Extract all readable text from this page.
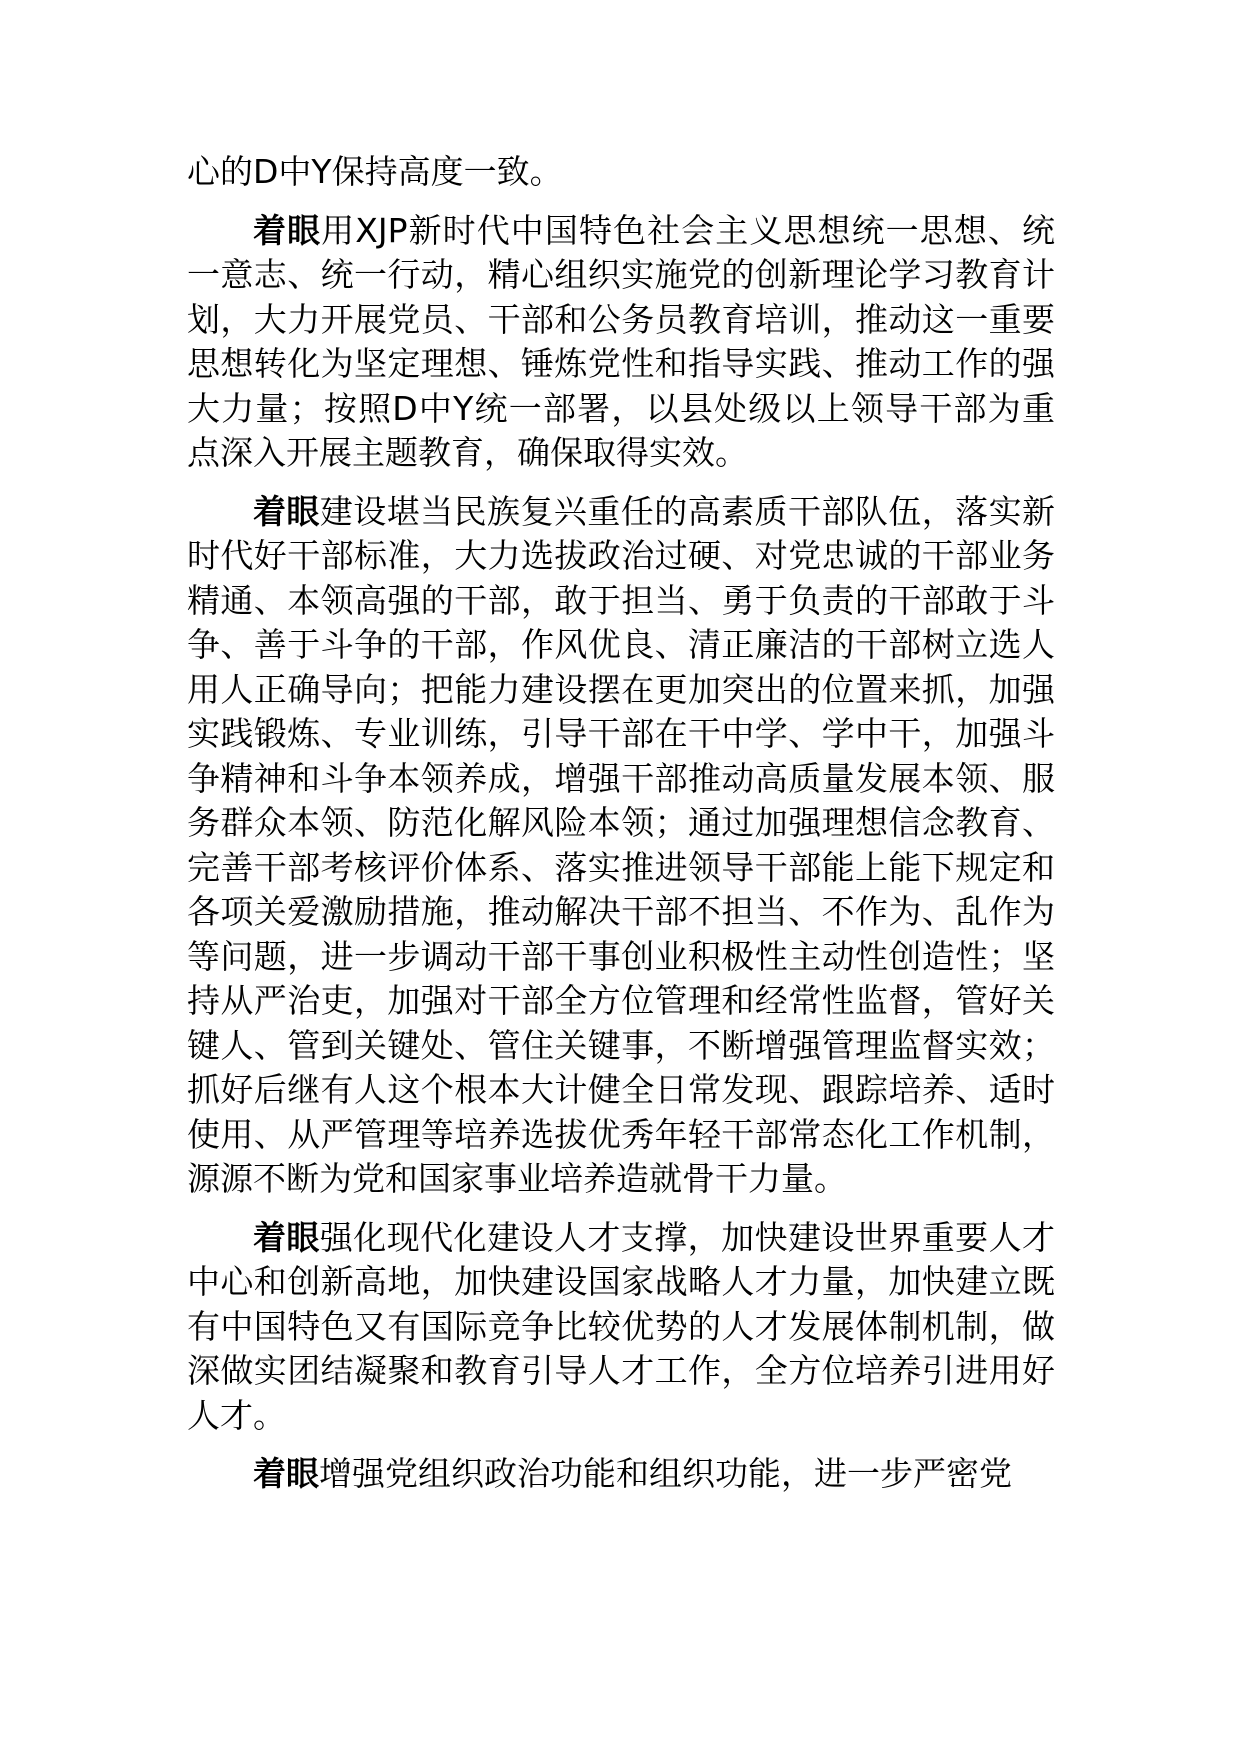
心的D中Y保持高度一致。

着眼用XJP新时代中国特色社会主义思想统一思想、统一意志、统一行动，精心组织实施党的创新理论学习教育计划，大力开展党员、干部和公务员教育培训，推动这一重要思想转化为坚定理想、锤炼党性和指导实践、推动工作的强大力量；按照D中Y统一部署，以县处级以上领导干部为重点深入开展主题教育，确保取得实效。

着眼建设堪当民族复兴重任的高素质干部队伍，落实新时代好干部标准，大力选拔政治过硬、对党忠诚的干部业务精通、本领高强的干部，敢于担当、勇于负责的干部敢于斗争、善于斗争的干部，作风优良、清正廉洁的干部树立选人用人正确导向；把能力建设摆在更加突出的位置来抓，加强实践锻炼、专业训练，引导干部在干中学、学中干，加强斗争精神和斗争本领养成，增强干部推动高质量发展本领、服务群众本领、防范化解风险本领；通过加强理想信念教育、完善干部考核评价体系、落实推进领导干部能上能下规定和各项关爱激励措施，推动解决干部不担当、不作为、乱作为等问题，进一步调动干部干事创业积极性主动性创造性；坚持从严治吏，加强对干部全方位管理和经常性监督，管好关键人、管到关键处、管住关键事，不断增强管理监督实效；抓好后继有人这个根本大计健全日常发现、跟踪培养、适时使用、从严管理等培养选拔优秀年轻干部常态化工作机制，源源不断为党和国家事业培养造就骨干力量。

着眼强化现代化建设人才支撑，加快建设世界重要人才中心和创新高地，加快建设国家战略人才力量，加快建立既有中国特色又有国际竞争比较优势的人才发展体制机制，做深做实团结凝聚和教育引导人才工作，全方位培养引进用好人才。

着眼增强党组织政治功能和组织功能，进一步严密党
